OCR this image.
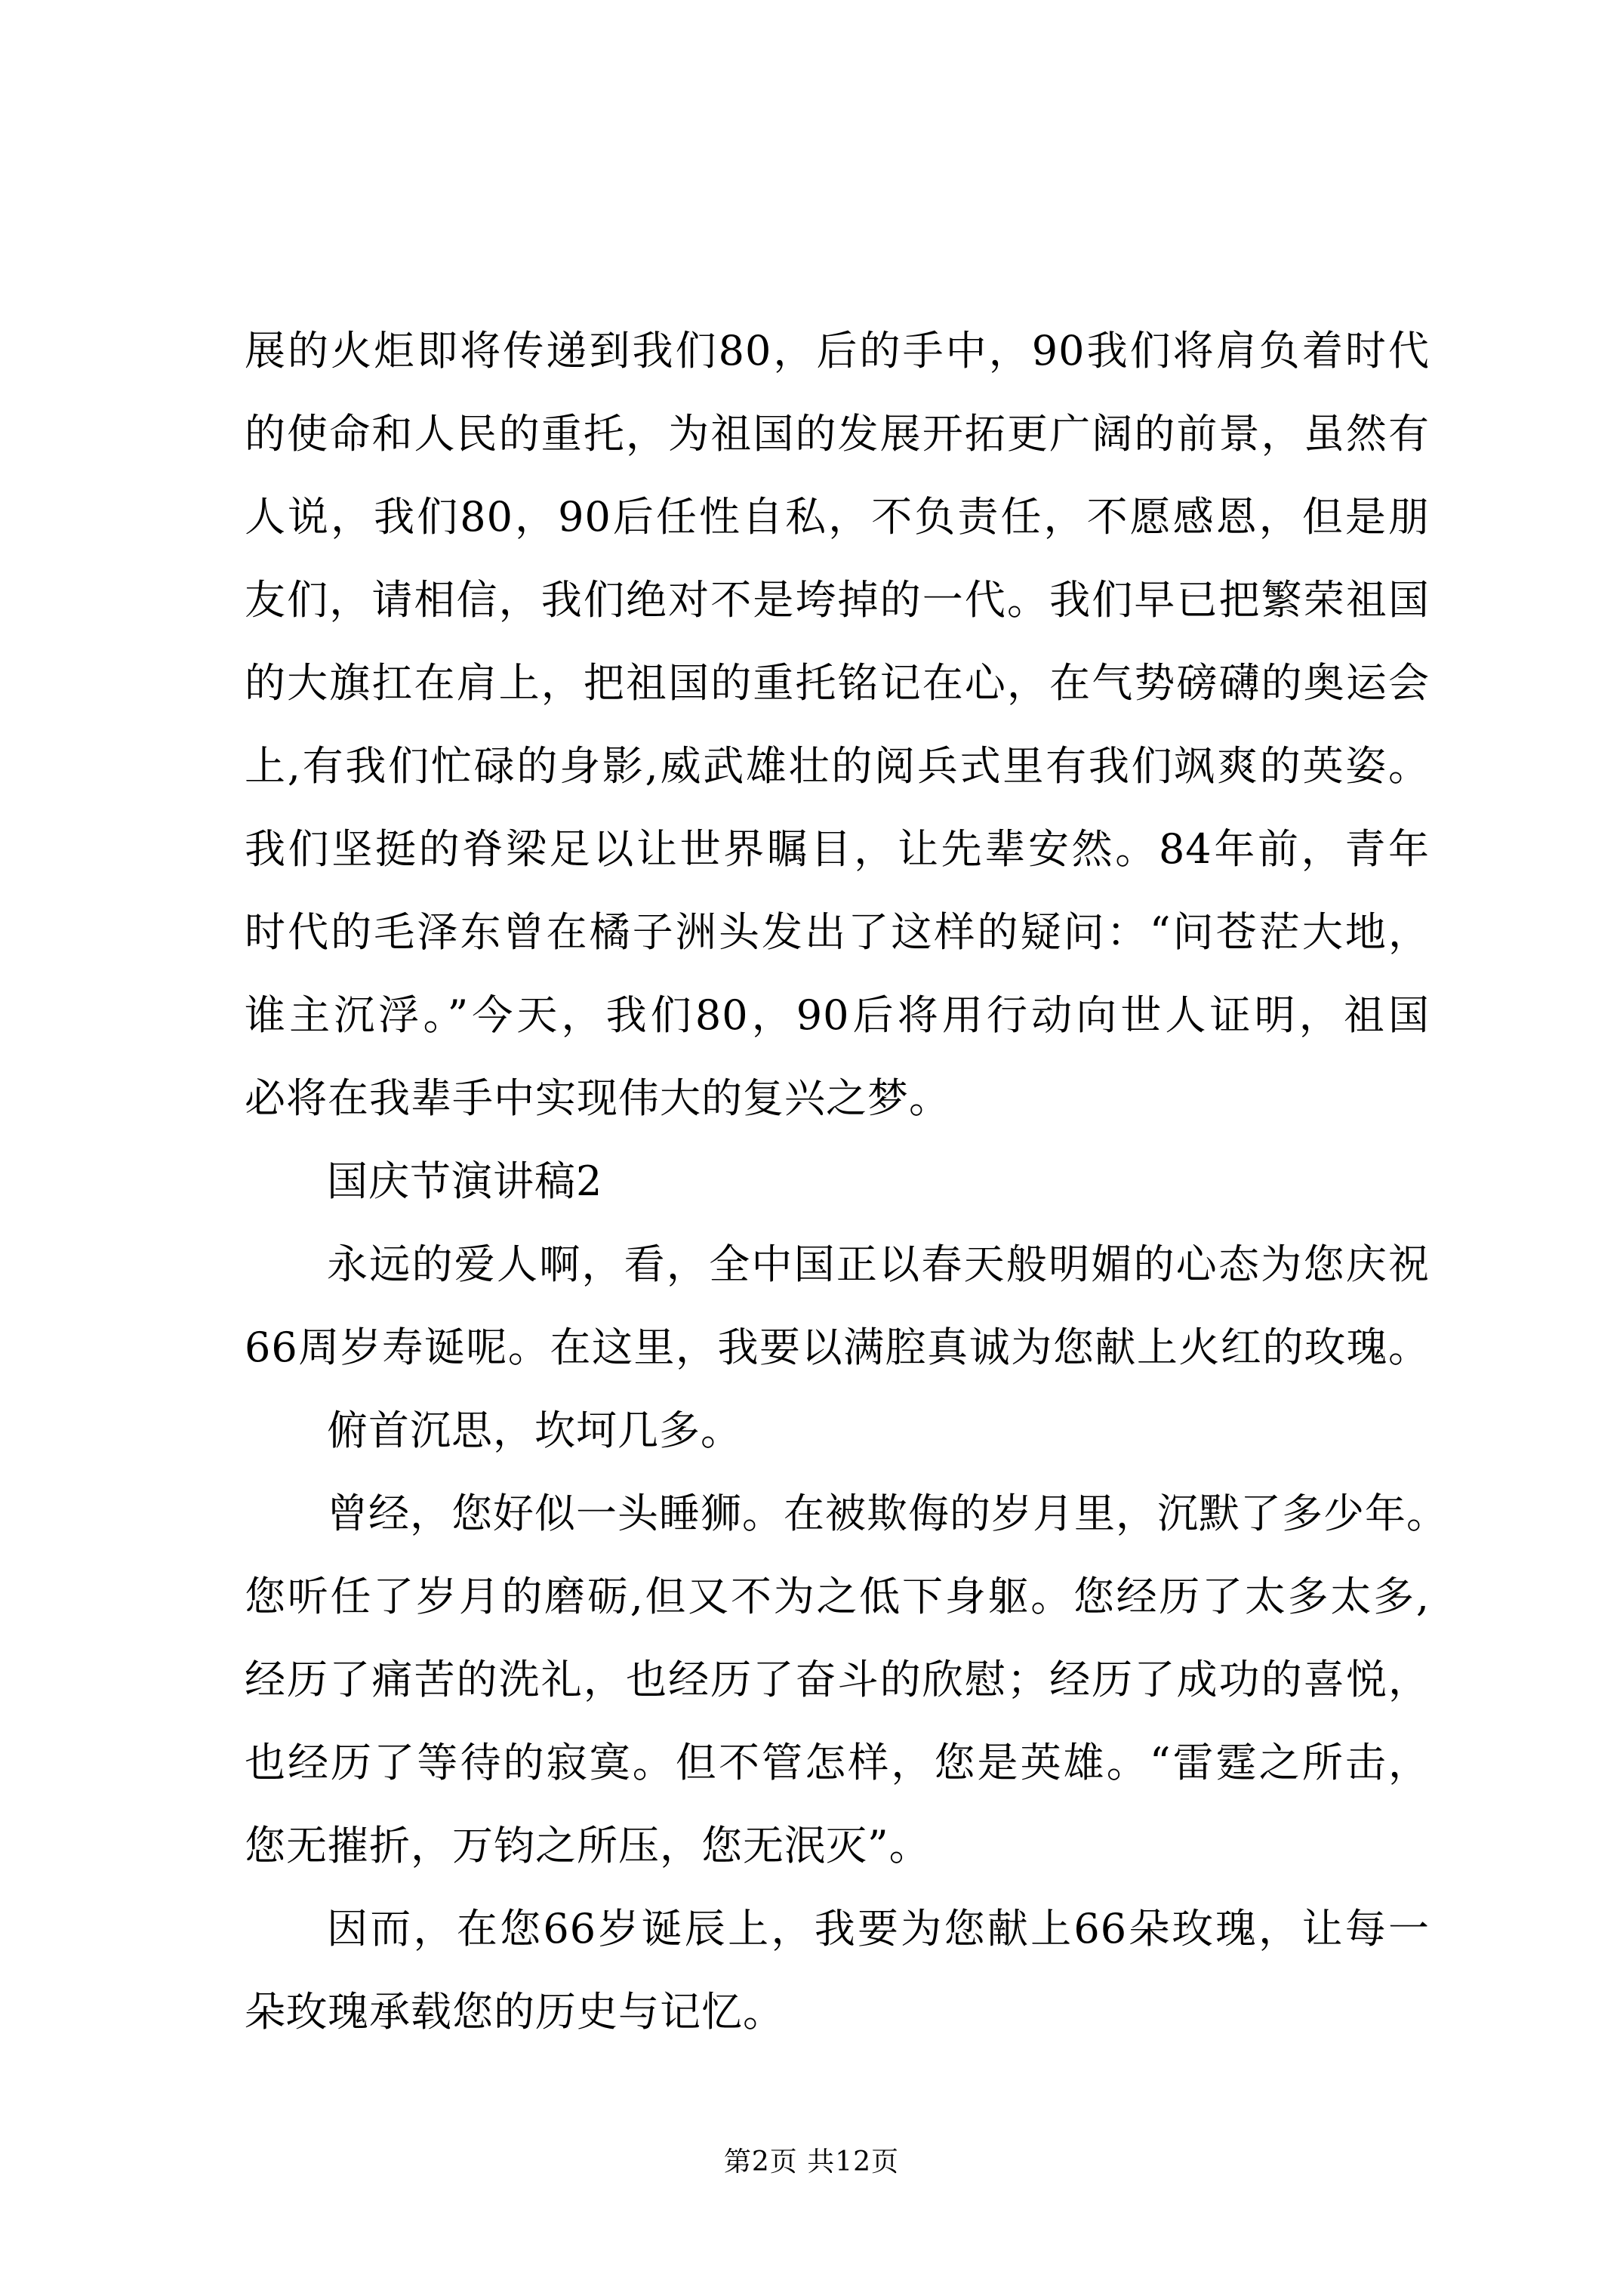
展的火炬即将传递到我们80，后的手中，90我们将肩负着时代
的使命和人民的重托，为祖国的发展开拓更广阔的前景，虽然有
人说，我们80，90后任性自私，不负责任，不愿感恩，但是朋
友们，请相信，我们绝对不是垮掉的一代。我们早已把繁荣祖国
的大旗扛在肩上，把祖国的重托铭记在心，在气势磅礴的奥运会
上,有我们忙碌的身影,威武雄壮的阅兵式里有我们飒爽的英姿。
我们坚挺的脊梁足以让世界瞩目，让先辈安然。84年前，青年
时代的毛泽东曾在橘子洲头发出了这样的疑问：“问苍茫大地，
谁主沉浮。”今天，我们80，90后将用行动向世人证明，祖国
必将在我辈手中实现伟大的复兴之梦。
国庆节演讲稿2
永远的爱人啊，看，全中国正以春天般明媚的心态为您庆祝
66周岁寿诞呢。在这里，我要以满腔真诚为您献上火红的玫瑰。
俯首沉思，坎坷几多。
曾经，您好似一头睡狮。在被欺侮的岁月里，沉默了多少年。
您听任了岁月的磨砺,但又不为之低下身躯。您经历了太多太多,
经历了痛苦的洗礼，也经历了奋斗的欣慰；经历了成功的喜悦，
也经历了等待的寂寞。但不管怎样，您是英雄。“雷霆之所击，
您无摧折，万钧之所压，您无泯灭”。
因而，在您66岁诞辰上，我要为您献上66朵玫瑰，让每一
朵玫瑰承载您的历史与记忆。
第2页 共12页
